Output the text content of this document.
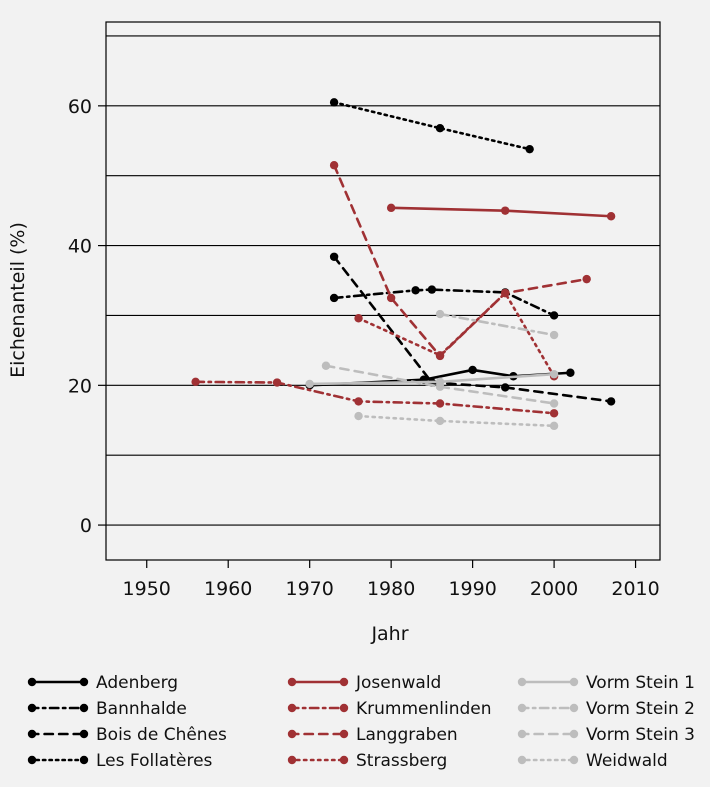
1950 1960 1970 1980 1990 2000 2010
0
20
40
60
Eichenanteil (%)
Jahr
Adenberg
Bannhalde
Bois de Chênes
Les Follatères
Josenwald
Krummenlinden
Langgraben
Strassberg
Vorm Stein 1
Vorm Stein 2
Vorm Stein 3
Weidwald
